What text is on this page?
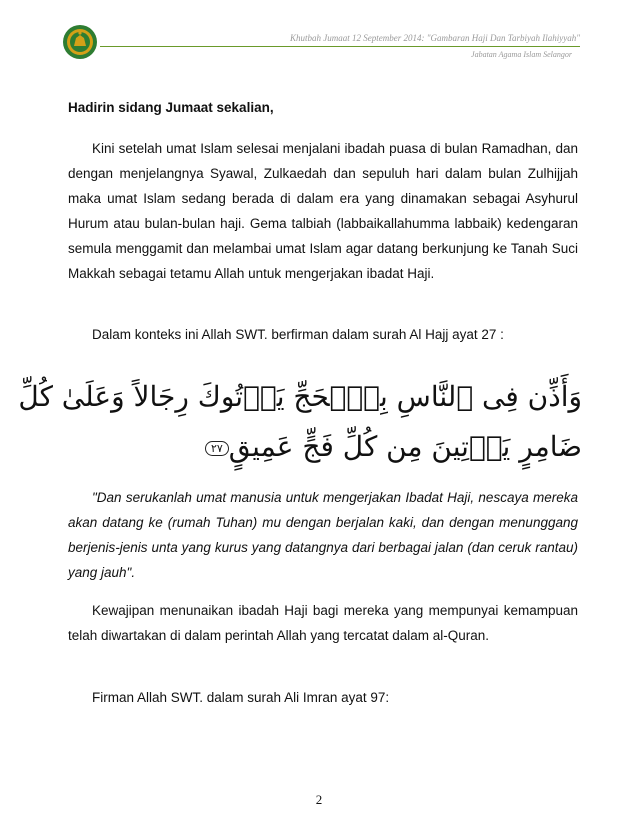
Khutbah Jumaat 12 September 2014: "Gambaran Haji Dan Tarbiyah Ilahiyyah"
Jabatan Agama Islam Selangor
Hadirin sidang Jumaat sekalian,

Kini setelah umat Islam selesai menjalani ibadah puasa di bulan Ramadhan, dan dengan menjelangnya Syawal, Zulkaedah dan sepuluh hari dalam bulan Zulhijjah maka umat Islam sedang berada di dalam era yang dinamakan sebagai Asyhurul Hurum atau bulan-bulan haji. Gema talbiah (labbaikallahumma labbaik) kedengaran semula menggamit dan melambai umat Islam agar datang berkunjung ke Tanah Suci Makkah sebagai tetamu Allah untuk mengerjakan ibadat Haji.

Dalam konteks ini Allah SWT. berfirman dalam surah Al Hajj ayat 27 :

وَأَذِّن فِى ٱلنَّاسِ بِٱلۡحَجِّ يَأۡتُوكَ رِجَالاً وَعَلَىٰ كُلِّ
ضَامِرٍ يَأۡتِينَ مِن كُلِّ فَجٍّ عَمِيقٍ٢٧

"Dan serukanlah umat manusia untuk mengerjakan Ibadat Haji, nescaya mereka akan datang ke (rumah Tuhan) mu dengan berjalan kaki, dan dengan menunggang berjenis-jenis unta yang kurus yang datangnya dari berbagai jalan (dan ceruk rantau) yang jauh".

Kewajipan menunaikan ibadah Haji bagi mereka yang mempunyai kemampuan telah diwartakan di dalam perintah Allah yang tercatat dalam al-Quran.

Firman Allah SWT. dalam surah Ali Imran ayat 97:

2
